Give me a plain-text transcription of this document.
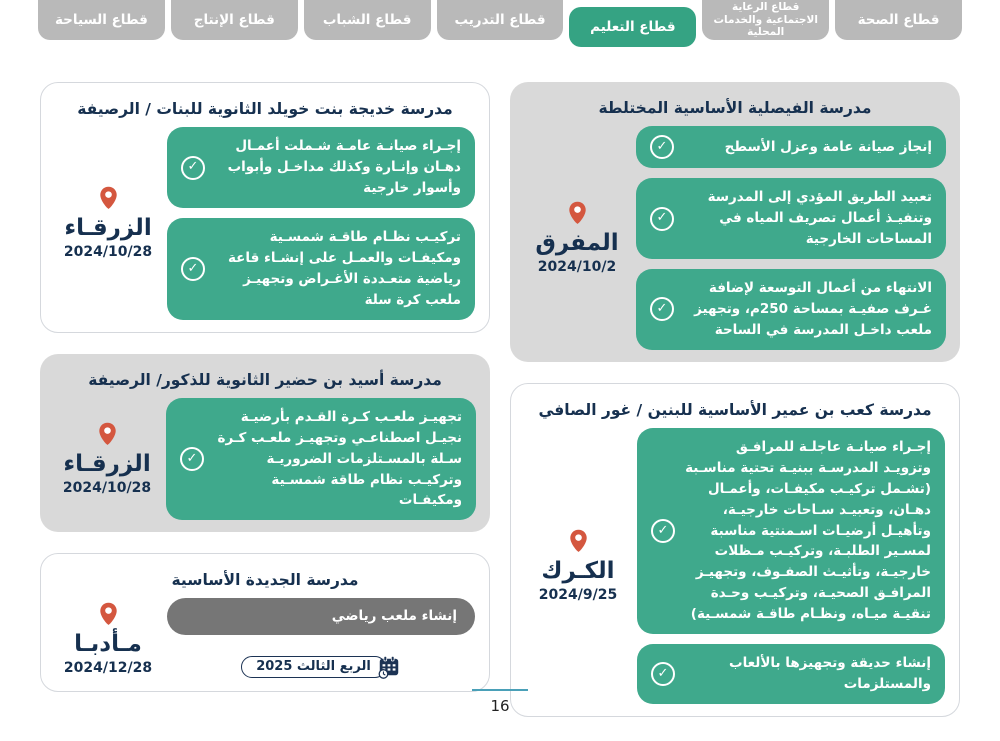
قطاع الصحة
قطاع الرعاية الاجتماعية والخدمات المحلية
قطاع التعليم
قطاع التدريب
قطاع الشباب
قطاع الإنتاج
قطاع السياحة
مدرسة الفيصلية الأساسية المختلطة
إنجاز صيانة عامة وعزل الأسطح
✓
تعبيد الطريق المؤدي إلى المدرسة وتنفيـذ أعمال تصريف المياه في المساحات الخارجية
✓
الانتهاء من أعمال التوسعة لإضافة غـرف صفيـة بمساحة 250م، وتجهيز ملعب داخـل المدرسة في الساحة
✓
المفرق
2024/10/2
مدرسة كعب بن عمير الأساسية للبنين / غور الصافي
إجـراء صيانـة عاجلـة للمرافـق وتزويـد المدرسـة ببنيـة تحتية مناسـبة (تشـمل تركيـب مكيفـات، وأعمـال دهـان، وتعبيـد سـاحات خارجيـة، وتأهيـل أرضيـات اسـمنتية مناسبة لمسـير الطلبـة، وتركيـب مـظلات خارجيـة، وتأثيـث الصفـوف، وتجهيـز المرافـق الصحيـة، وتركيـب وحـدة تنقيـة ميـاه، ونظـام طاقـة شمسـية)
✓
إنشاء حديقة وتجهيزها بالألعاب والمستلزمات
✓
الكـرك
2024/9/25
مدرسة خديجة بنت خويلد الثانوية للبنات / الرصيفة
إجـراء صيانـة عامـة شـملت أعمـال دهـان وإنـارة وكذلك مداخـل وأبواب وأسوار خارجية
✓
تركيـب نظـام طاقـة شمسـية ومكيفـات والعمـل على إنشـاء قاعة رياضية متعـددة الأغـراض وتجهيـز ملعب كرة سلة
✓
الزرقـاء
2024/10/28
مدرسة أسيد بن حضير الثانوية للذكور/ الرصيفة
تجهيـز ملعـب كـرة القـدم بأرضيـة نجيـل اصطناعـي وتجهيـز ملعـب كـرة سـلة بالمسـتلزمات الضروريـة وتركيـب نظام طاقة شمسـية ومكيفـات
✓
الزرقـاء
2024/10/28
مدرسة الجديدة الأساسية
إنشاء ملعب رياضي
الربع الثالث 2025
مـأدبـا
2024/12/28
16
